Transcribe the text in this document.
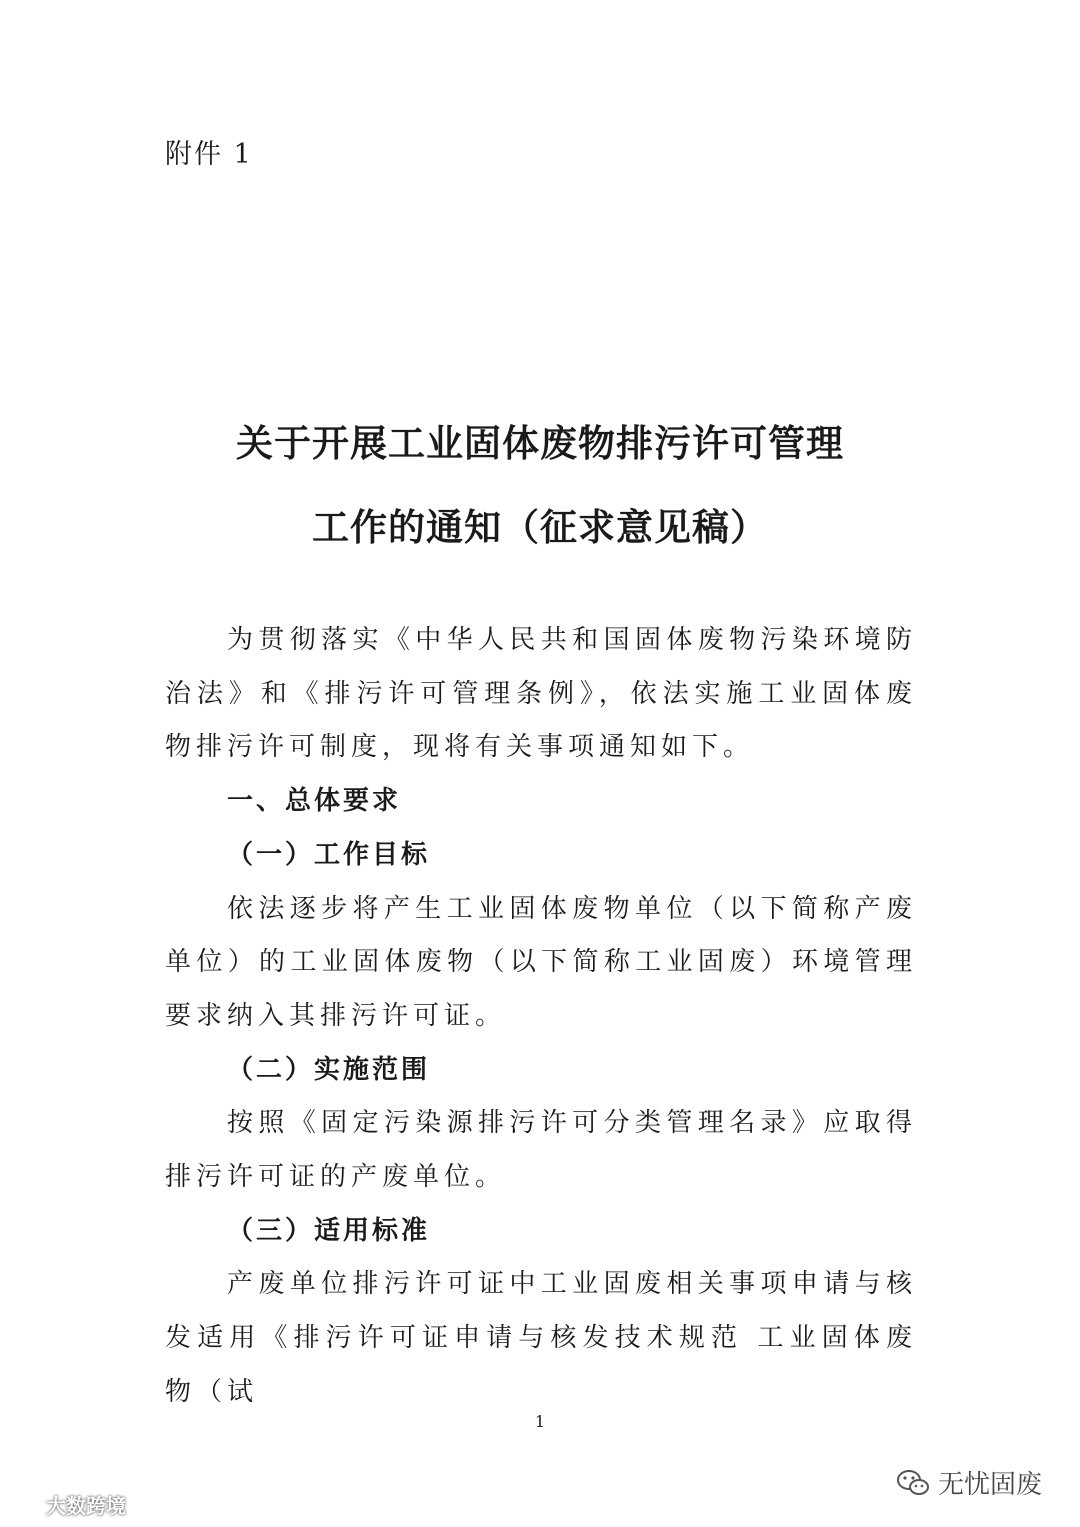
附件 1
关于开展工业固体废物排污许可管理
工作的通知（征求意见稿）

为贯彻落实《中华人民共和国固体废物污染环境防治法》和《排污许可管理条例》，依法实施工业固体废物排污许可制度，现将有关事项通知如下。

一、总体要求

（一）工作目标

依法逐步将产生工业固体废物单位（以下简称产废单位）的工业固体废物（以下简称工业固废）环境管理要求纳入其排污许可证。

（二）实施范围

按照《固定污染源排污许可分类管理名录》应取得排污许可证的产废单位。

（三）适用标准

产废单位排污许可证中工业固废相关事项申请与核发适用《排污许可证申请与核发技术规范 工业固体废物（试

1
大数跨境
无忧固废
